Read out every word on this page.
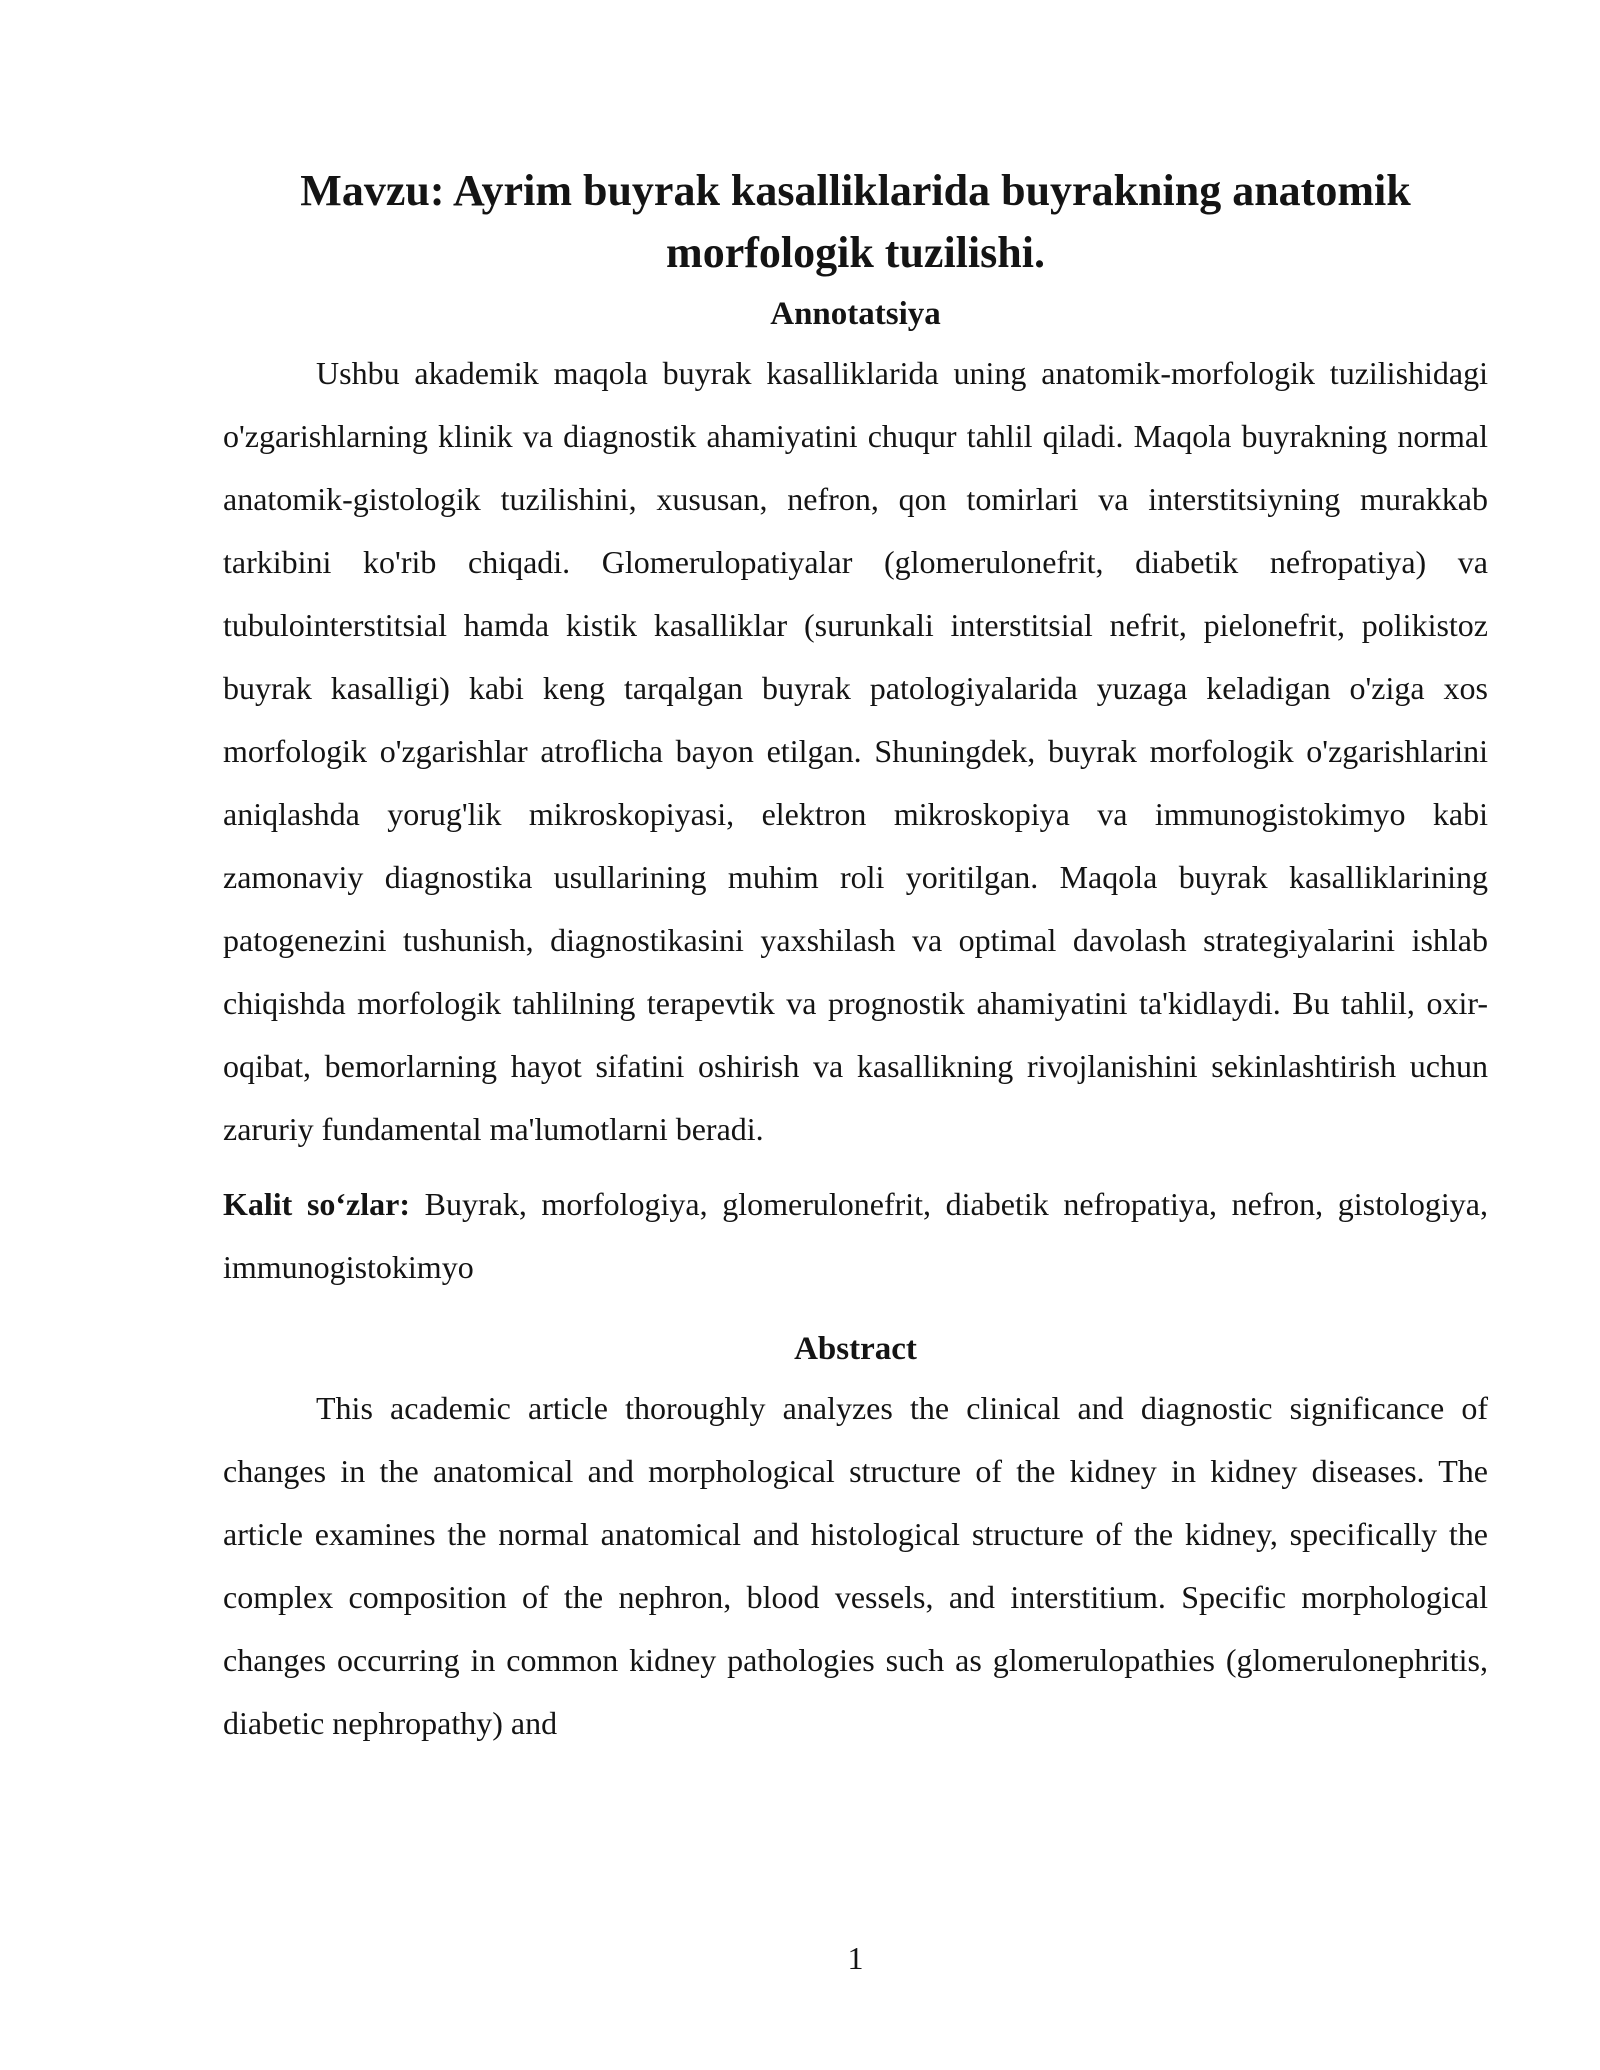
Mavzu: Ayrim buyrak kasalliklarida buyrakning anatomik morfologik tuzilishi.
Annotatsiya

Ushbu akademik maqola buyrak kasalliklarida uning anatomik-morfologik tuzilishidagi o'zgarishlarning klinik va diagnostik ahamiyatini chuqur tahlil qiladi. Maqola buyrakning normal anatomik-gistologik tuzilishini, xususan, nefron, qon tomirlari va interstitsiyning murakkab tarkibini ko'rib chiqadi. Glomerulopatiyalar (glomerulonefrit, diabetik nefropatiya) va tubulointerstitsial hamda kistik kasalliklar (surunkali interstitsial nefrit, pielonefrit, polikistoz buyrak kasalligi) kabi keng tarqalgan buyrak patologiyalarida yuzaga keladigan o'ziga xos morfologik o'zgarishlar atroflicha bayon etilgan. Shuningdek, buyrak morfologik o'zgarishlarini aniqlashda yorug'lik mikroskopiyasi, elektron mikroskopiya va immunogistokimyo kabi zamonaviy diagnostika usullarining muhim roli yoritilgan. Maqola buyrak kasalliklarining patogenezini tushunish, diagnostikasini yaxshilash va optimal davolash strategiyalarini ishlab chiqishda morfologik tahlilning terapevtik va prognostik ahamiyatini ta'kidlaydi. Bu tahlil, oxir-oqibat, bemorlarning hayot sifatini oshirish va kasallikning rivojlanishini sekinlashtirish uchun zaruriy fundamental ma'lumotlarni beradi.

Kalit so‘zlar: Buyrak, morfologiya, glomerulonefrit, diabetik nefropatiya, nefron, gistologiya, immunogistokimyo

Abstract

This academic article thoroughly analyzes the clinical and diagnostic significance of changes in the anatomical and morphological structure of the kidney in kidney diseases. The article examines the normal anatomical and histological structure of the kidney, specifically the complex composition of the nephron, blood vessels, and interstitium. Specific morphological changes occurring in common kidney pathologies such as glomerulopathies (glomerulonephritis, diabetic nephropathy) and

1
